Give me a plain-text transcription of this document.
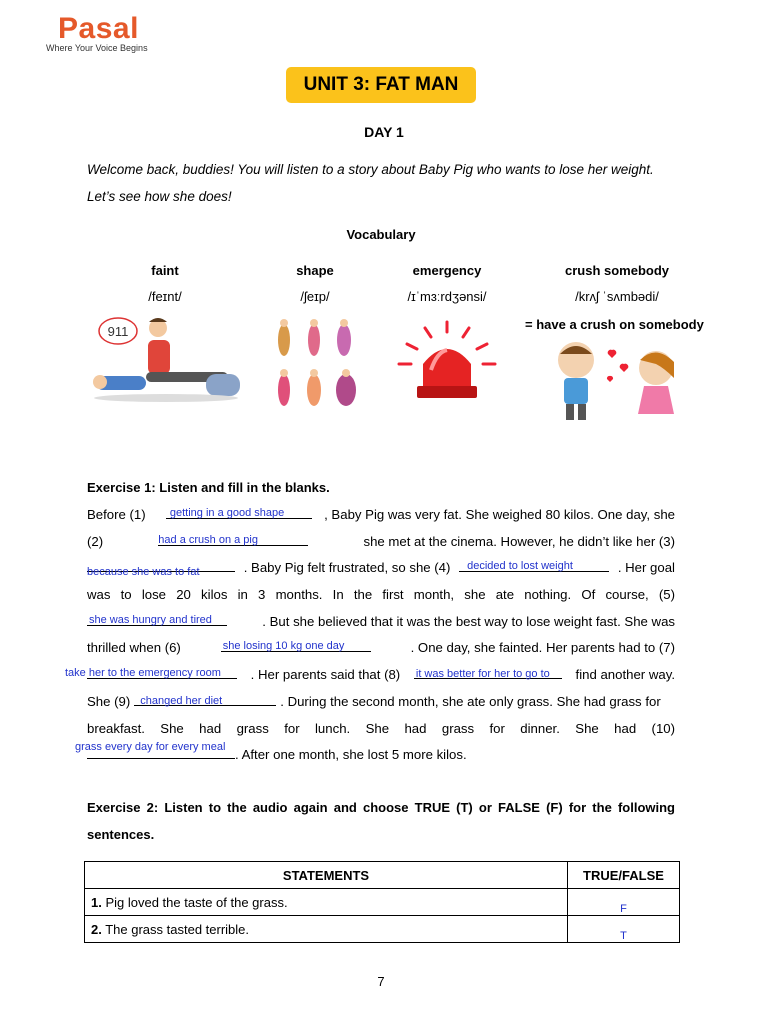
Pasal
Where Your Voice Begins
UNIT 3: FAT MAN
DAY 1
Welcome back, buddies! You will listen to a story about Baby Pig who wants to lose her weight.
Let’s see how she does!
Vocabulary
faint
/feɪnt/
shape
/ʃeɪp/
emergency
/ɪˈmɜːrdʒənsi/
crush somebody
/krʌʃ ˈsʌmbədi/
= have a crush on somebody
911
Exercise 1: Listen and fill in the blanks.
Before (1) getting in a good shape	, Baby Pig was very fat. She weighed 80 kilos. One day, she
(2)	had a crush on a pig	she met at the cinema. However, he didn’t like her (3)
because she was to fat	. Baby Pig felt frustrated, so she (4) decided to lost weight	. Her goal
was to lose 20 kilos in 3 months. In the first month, she ate nothing. Of course, (5)
she was hungry and tired	. But she believed that it was the best way to lose weight fast. She was
thrilled when (6)	she losing 10 kg one day	. One day, she fainted. Her parents had to (7)
take her to the emergency room . Her parents said that (8) it was better for her to go to find another way.
She (9) changed her diet	. During the second month, she ate only grass. She had grass for
breakfast. She had grass for lunch. She had grass for dinner. She had (10)
grass every day for every meal . After one month, she lost 5 more kilos.
Exercise 2: Listen to the audio again and choose TRUE (T) or FALSE (F) for the following
sentences.
STATEMENTS	TRUE/FALSE
1. Pig loved the taste of the grass.	F
2. The grass tasted terrible.	T
7
